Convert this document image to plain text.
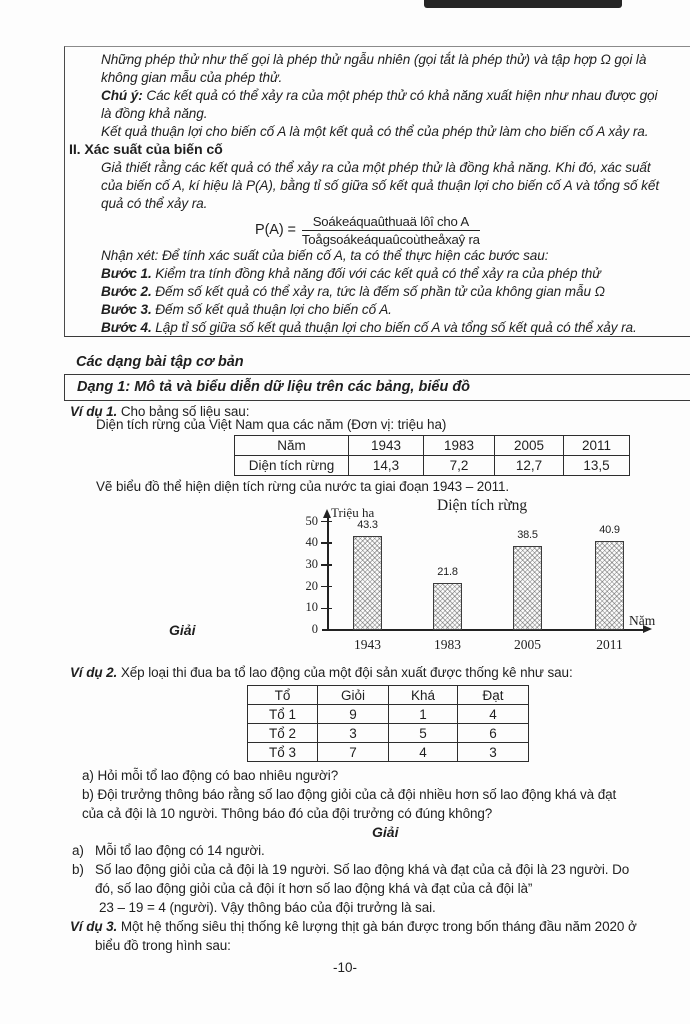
Những phép thử như thế gọi là phép thử ngẫu nhiên (gọi tắt là phép thử) và tập hợp Ω gọi là
không gian mẫu của phép thử.
Chú ý: Các kết quả có thể xảy ra của một phép thử có khả năng xuất hiện như nhau được gọi
là đồng khả năng.
Kết quả thuận lợi cho biến cố A là một kết quả có thể của phép thử làm cho biến cố A xảy ra.
II. Xác suất của biến cố
Giả thiết rằng các kết quả có thể xảy ra của một phép thử là đồng khả năng. Khi đó, xác suất
của biến cố A, kí hiệu là P(A), bằng tỉ số giữa số kết quả thuận lợi cho biến cố A và tổng số kết
quả có thể xảy ra.
$P(A) = \frac{\text{Soákeáquaûthuaä lôî cho A}}{\text{Toågsoákeáquaûcoùtheåxaŷ ra}}$
Nhận xét: Để tính xác suất của biến cố A, ta có thể thực hiện các bước sau:
Bước 1. Kiểm tra tính đồng khả năng đối với các kết quả có thể xảy ra của phép thử
Bước 2. Đếm số kết quả có thể xảy ra, tức là đếm số phần tử của không gian mẫu Ω
Bước 3. Đếm số kết quả thuận lợi cho biến cố A.
Bước 4. Lập tỉ số giữa số kết quả thuận lợi cho biến cố A và tổng số kết quả có thể xảy ra.
Các dạng bài tập cơ bản
Dạng 1: Mô tả và biểu diễn dữ liệu trên các bảng, biểu đồ
Ví dụ 1. Cho bảng số liệu sau:
Diện tích rừng của Việt Nam qua các năm (Đơn vị: triệu ha)
Năm	1943	1983	2005	2011
Diện tích rừng	14,3	7,2	12,7	13,5
Vẽ biểu đồ thể hiện diện tích rừng của nước ta giai đoạn 1943 – 2011.
Giải
Ví dụ 2. Xếp loại thi đua ba tổ lao động của một đội sản xuất được thống kê như sau:
Tổ	Giỏi	Khá	Đạt
Tổ 1	9	1	4
Tổ 2	3	5	6
Tổ 3	7	4	3
a) Hỏi mỗi tổ lao động có bao nhiêu người?
b) Đội trưởng thông báo rằng số lao động giỏi của cả đội nhiều hơn số lao động khá và đạt
của cả đội là 10 người. Thông báo đó của đội trưởng có đúng không?
Giải
a) Mỗi tổ lao động có 14 người.
b) Số lao động giỏi của cả đội là 19 người. Số lao động khá và đạt của cả đội là 23 người. Do
đó, số lao động giỏi của cả đội ít hơn số lao động khá và đạt của cả đội là”
23 – 19 = 4 (người). Vậy thông báo của đội trưởng là sai.
Ví dụ 3. Một hệ thống siêu thị thống kê lượng thịt gà bán được trong bốn tháng đầu năm 2020 ở
biểu đồ trong hình sau:
-10-
Diện tích rừng
Triệu ha
Năm
0
10
20
30
40
50	43.3
1943
21.8
1983
38.5
2005
40.9
2011
